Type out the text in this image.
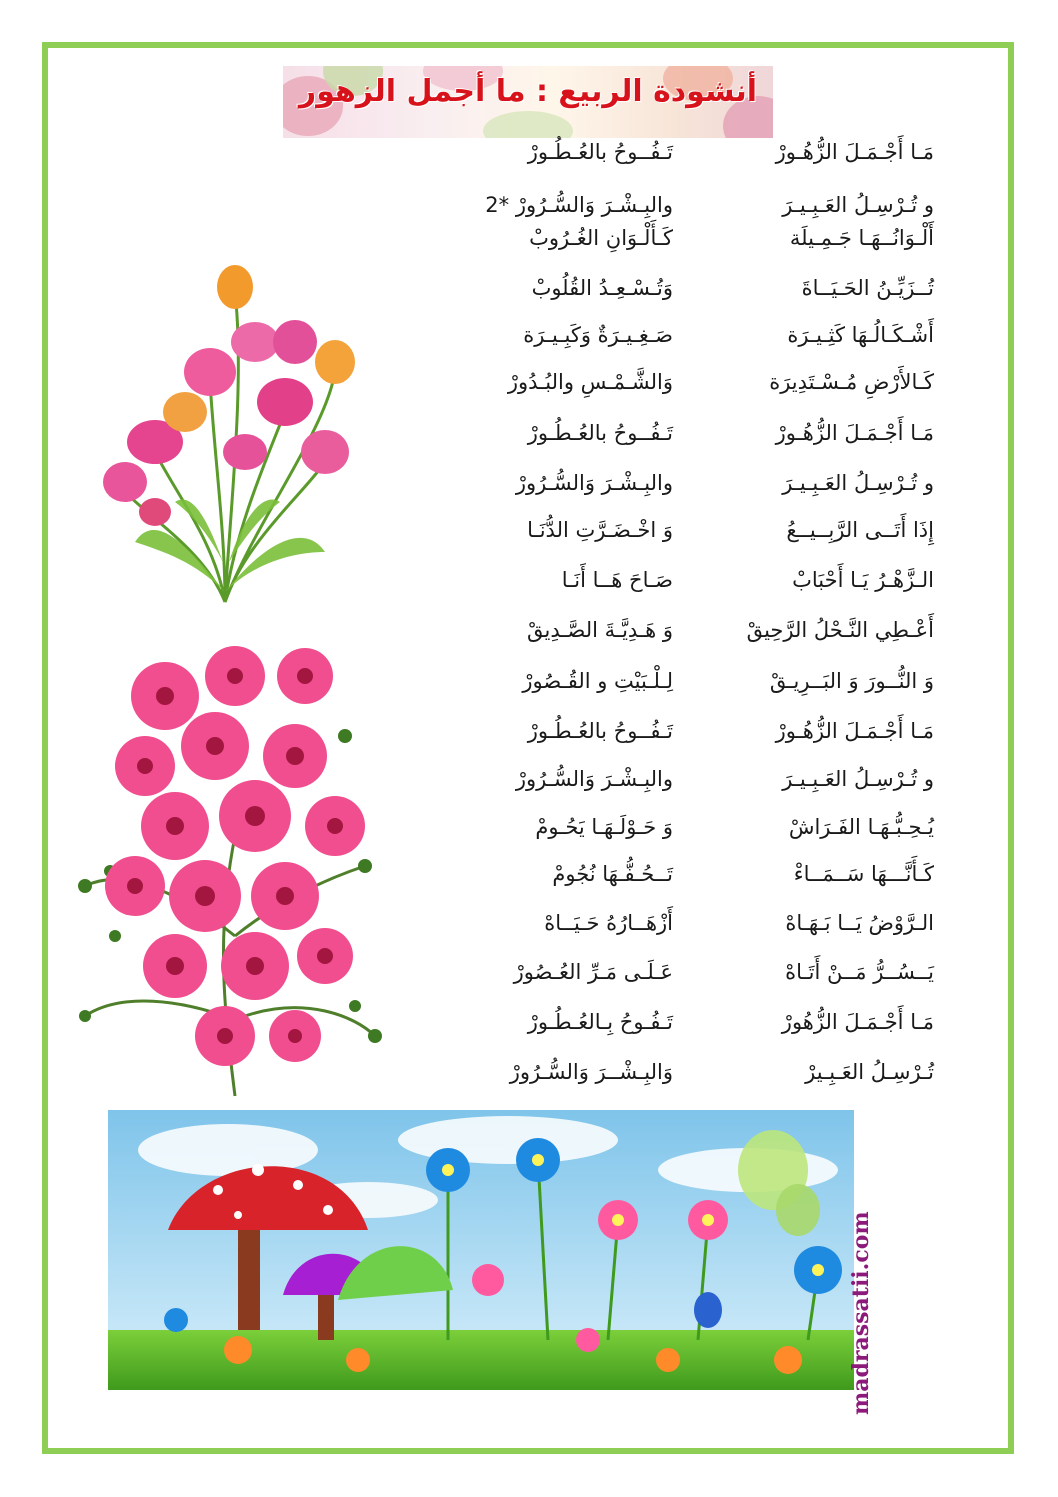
أنشودة الربيع : ما أجمل الزهور
مَـا أَجْـمَـلَ الزُّهُـورْ
تَـفُــوحُ بالعُـطُـورْ
و تُـرْسِـلُ العَـبِـيـرَ
والبِـشْـرَ وَالسُّـرُورْ *2
أَلْـوَانُــهَـا جَـمِـيلَة
كَـأَلْـوَانِ الغُـرُوبْ
تُــزَيِّـنُ الحَـيَــاةَ
وَتُـسْـعِـدُ القُلُوبْ
أَشْـكَـالُـهَا كَثِـيـرَة
صَـغِـيـرَةٌ وَكَبِـيـرَة
كَـالأَرْضِ مُـسْـتَدِيرَة
وَالشَّـمْـسِ والبُـدُورْ
مَـا أَجْـمَـلَ الزُّهُـورْ
تَـفُــوحُ بالعُـطُـورْ
و تُـرْسِـلُ العَـبِـيـرَ
والبِـشْـرَ وَالسُّـرُورْ
إِذَا أَتَــى الرَّبِــيــعُ
وَ اخْـضَـرَّتِ الدُّنَـا
الـزَّهْـرُ يَـا أَحْبَابْ
صَـاحَ هَــا أَنَـا
أَعْـطِي النَّـحْلُ الرَّحِيقْ
وَ هَـدِيَّـةَ الصَّـدِيقْ
وَ النُّــورَ وَ البَــرِيـقْ
لِـلْـبَيْتِ و القُـصُورْ
مَـا أَجْـمَـلَ الزُّهُـورْ
تَـفُــوحُ بالعُـطُـورْ
و تُـرْسِـلُ العَـبِـيـرَ
والبِـشْـرَ وَالسُّـرُورْ
يُـحِـبُّـهَـا الفَـرَاشْ
وَ حَـوْلَـهَـا يَحُـومْ
كَـأَنَّـــهَا سَــمَــاءْ
تَــحُـفُّـهَا نُجُومْ
الـرَّوْضُ يَــا بَـهَـاهْ
أَزْهَــارُهُ حَـيَــاهْ
يَــسُــرُّ مَــنْ أَتَـاهْ
عَـلَـى مَـرِّ العُـصُورْ
مَـا أَجْـمَـلَ الزُّهُورْ
تَـفُـوحُ بِـالعُـطُـورْ
تُـرْسِـلُ العَـبِـيرْ
وَالبِـشْــرَ وَالسُّـرُورْ
madrassatii.com
